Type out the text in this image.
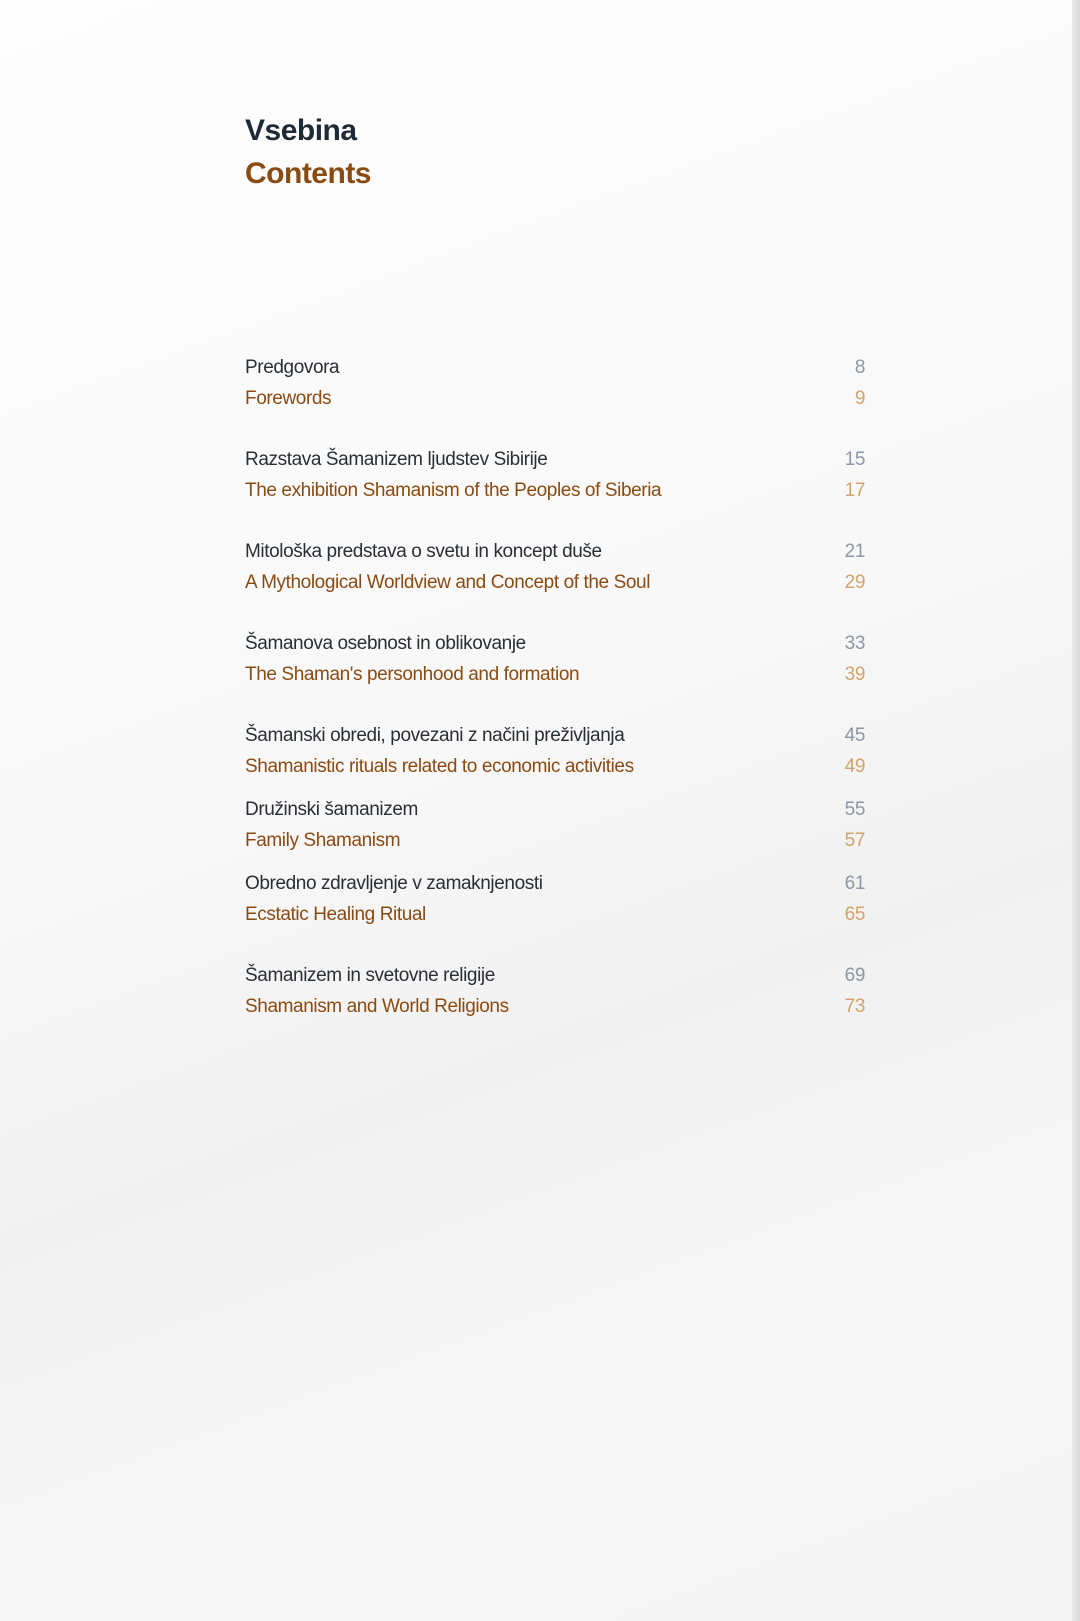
Vsebina
Contents
Predgovora	8
Forewords	9
Razstava Šamanizem ljudstev Sibirije	15
The exhibition Shamanism of the Peoples of Siberia	17
Mitološka predstava o svetu in koncept duše	21
A Mythological Worldview and Concept of the Soul	29
Šamanova osebnost in oblikovanje	33
The Shaman's personhood and formation	39
Šamanski obredi, povezani z načini preživljanja	45
Shamanistic rituals related to economic activities	49
Družinski šamanizem	55
Family Shamanism	57
Obredno zdravljenje v zamaknjenosti	61
Ecstatic Healing Ritual	65
Šamanizem in svetovne religije	69
Shamanism and World Religions	73
